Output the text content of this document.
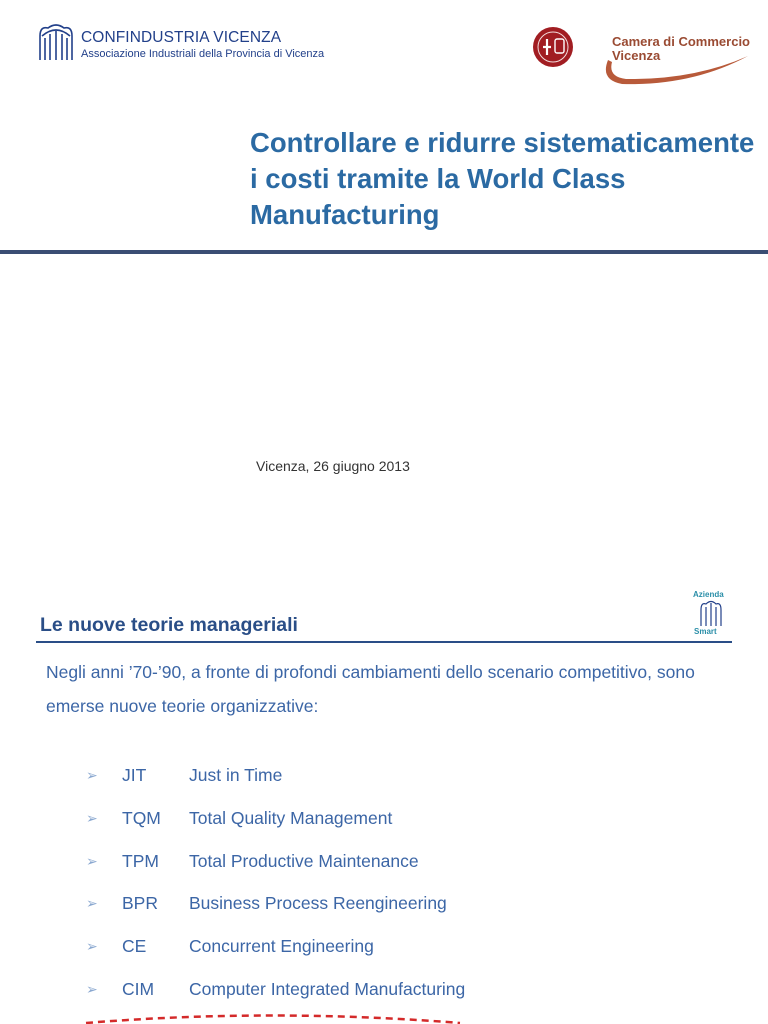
CONFINDUSTRIA VICENZA
Associazione Industriali della Provincia di Vicenza
Camera di Commercio
Vicenza
Controllare e ridurre sistematicamente i costi tramite la World Class Manufacturing
Vicenza, 26 giugno 2013
Azienda
Smart
Le nuove teorie manageriali

Negli anni ’70-’90, a fronte di profondi cambiamenti dello scenario competitivo, sono emerse nuove teorie organizzative:

➢	JIT	Just in Time
➢	TQM	Total Quality Management
➢	TPM	Total Productive Maintenance
➢	BPR	Business Process Reengineering
➢	CE	Concurrent Engineering
➢	CIM	Computer Integrated Manufacturing
